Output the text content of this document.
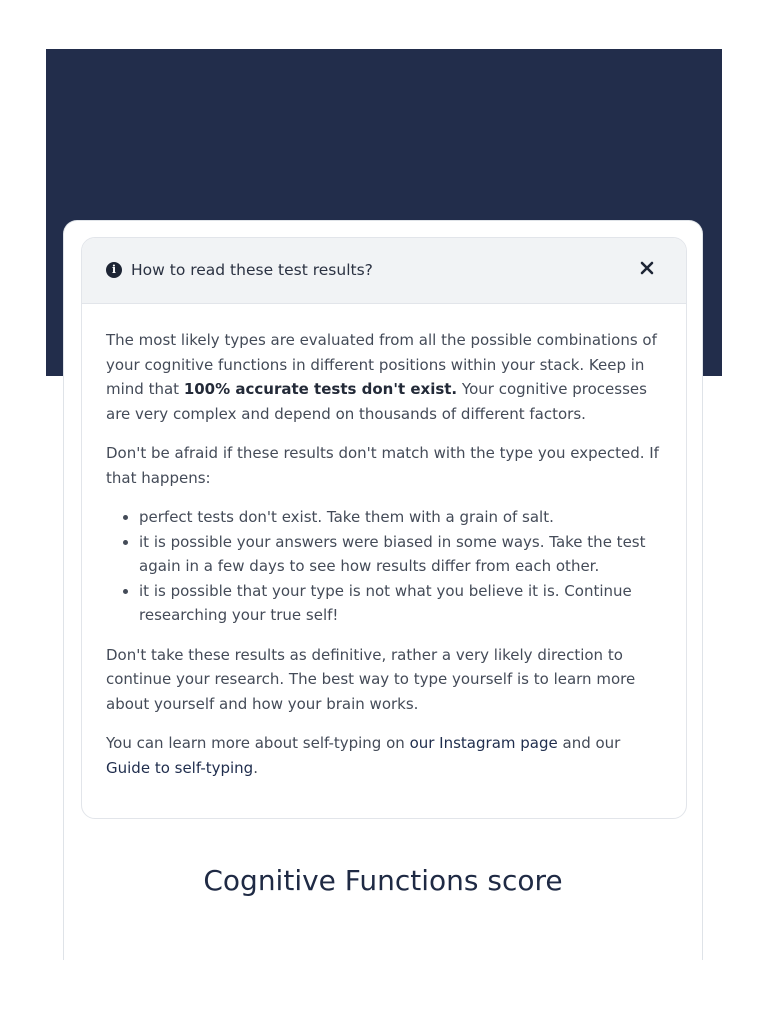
i How to read these test results?

The most likely types are evaluated from all the possible combinations of your cognitive functions in different positions within your stack. Keep in mind that 100% accurate tests don't exist. Your cognitive processes are very complex and depend on thousands of different factors.

Don't be afraid if these results don't match with the type you expected. If that happens:

• perfect tests don't exist. Take them with a grain of salt.
• it is possible your answers were biased in some ways. Take the test again in a few days to see how results differ from each other.
• it is possible that your type is not what you believe it is. Continue researching your true self!

Don't take these results as definitive, rather a very likely direction to continue your research. The best way to type yourself is to learn more about yourself and how your brain works.

You can learn more about self-typing on our Instagram page and our Guide to self-typing.

Cognitive Functions score
